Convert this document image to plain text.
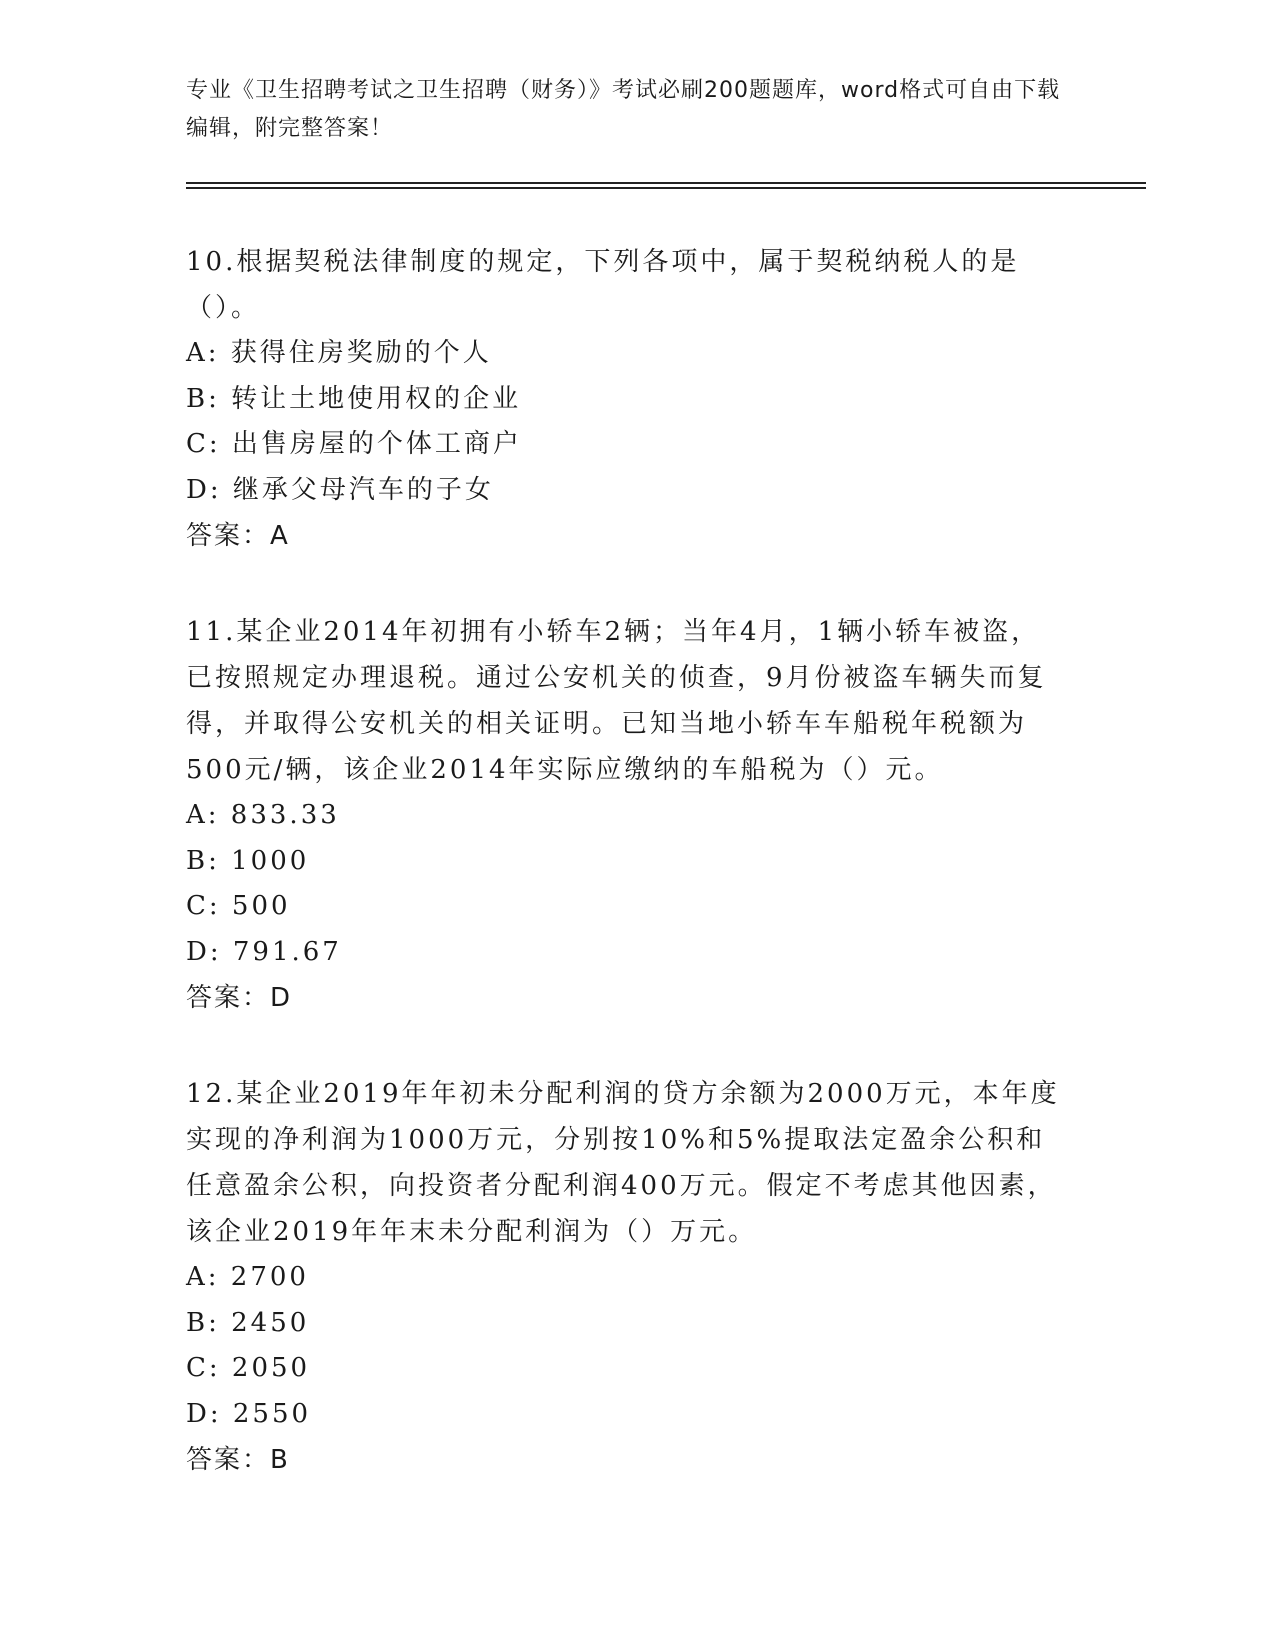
专业《卫生招聘考试之卫生招聘（财务）》考试必刷200题题库，word格式可自由下载编辑，附完整答案！

10.根据契税法律制度的规定，下列各项中，属于契税纳税人的是（）。

A: 获得住房奖励的个人

B: 转让土地使用权的企业

C: 出售房屋的个体工商户

D: 继承父母汽车的子女

答案：A

11.某企业2014年初拥有小轿车2辆；当年4月，1辆小轿车被盗，已按照规定办理退税。通过公安机关的侦查，9月份被盗车辆失而复得，并取得公安机关的相关证明。已知当地小轿车车船税年税额为500元/辆，该企业2014年实际应缴纳的车船税为（）元。

A: 833.33

B: 1000

C: 500

D: 791.67

答案：D

12.某企业2019年年初未分配利润的贷方余额为2000万元，本年度实现的净利润为1000万元，分别按10%和5%提取法定盈余公积和任意盈余公积，向投资者分配利润400万元。假定不考虑其他因素，该企业2019年年末未分配利润为（）万元。

A: 2700

B: 2450

C: 2050

D: 2550

答案：B
